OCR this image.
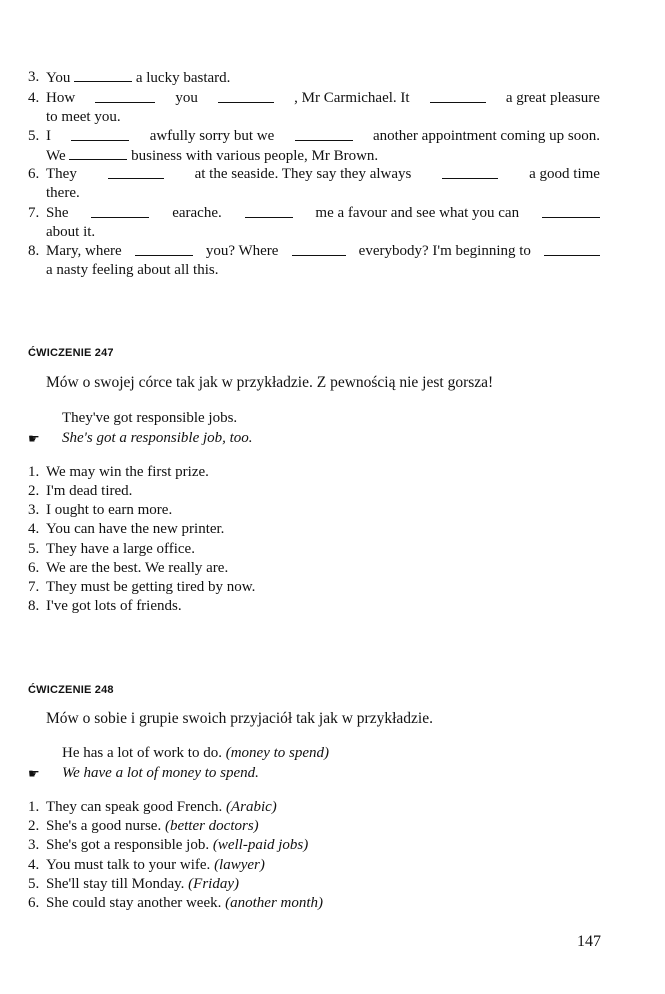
3. You	a lucky bastard.
4. How	you	, Mr Carmichael. It	a great pleasure
to meet you.
5. I	awfully sorry but we	another appointment coming up soon.
We	business with various people, Mr Brown.
6. They	at the seaside. They say they always	a good time
there.
7. She	earache.	me a favour and see what you can
about it.
8. Mary, where	you? Where	everybody? I'm beginning to
a nasty feeling about all this.
ĆWICZENIE 247
Mów o swojej córce tak jak w przykładzie. Z pewnością nie jest gorsza!
They've got responsible jobs.
☛ She's got a responsible job, too.
1. We may win the first prize.
2. I'm dead tired.
3. I ought to earn more.
4. You can have the new printer.
5. They have a large office.
6. We are the best. We really are.
7. They must be getting tired by now.
8. I've got lots of friends.
ĆWICZENIE 248
Mów o sobie i grupie swoich przyjaciół tak jak w przykładzie.
He has a lot of work to do. (money to spend)
☛ We have a lot of money to spend.
1. They can speak good French. (Arabic)
2. She's a good nurse. (better doctors)
3. She's got a responsible job. (well-paid jobs)
4. You must talk to your wife. (lawyer)
5. She'll stay till Monday. (Friday)
6. She could stay another week. (another month)
147
